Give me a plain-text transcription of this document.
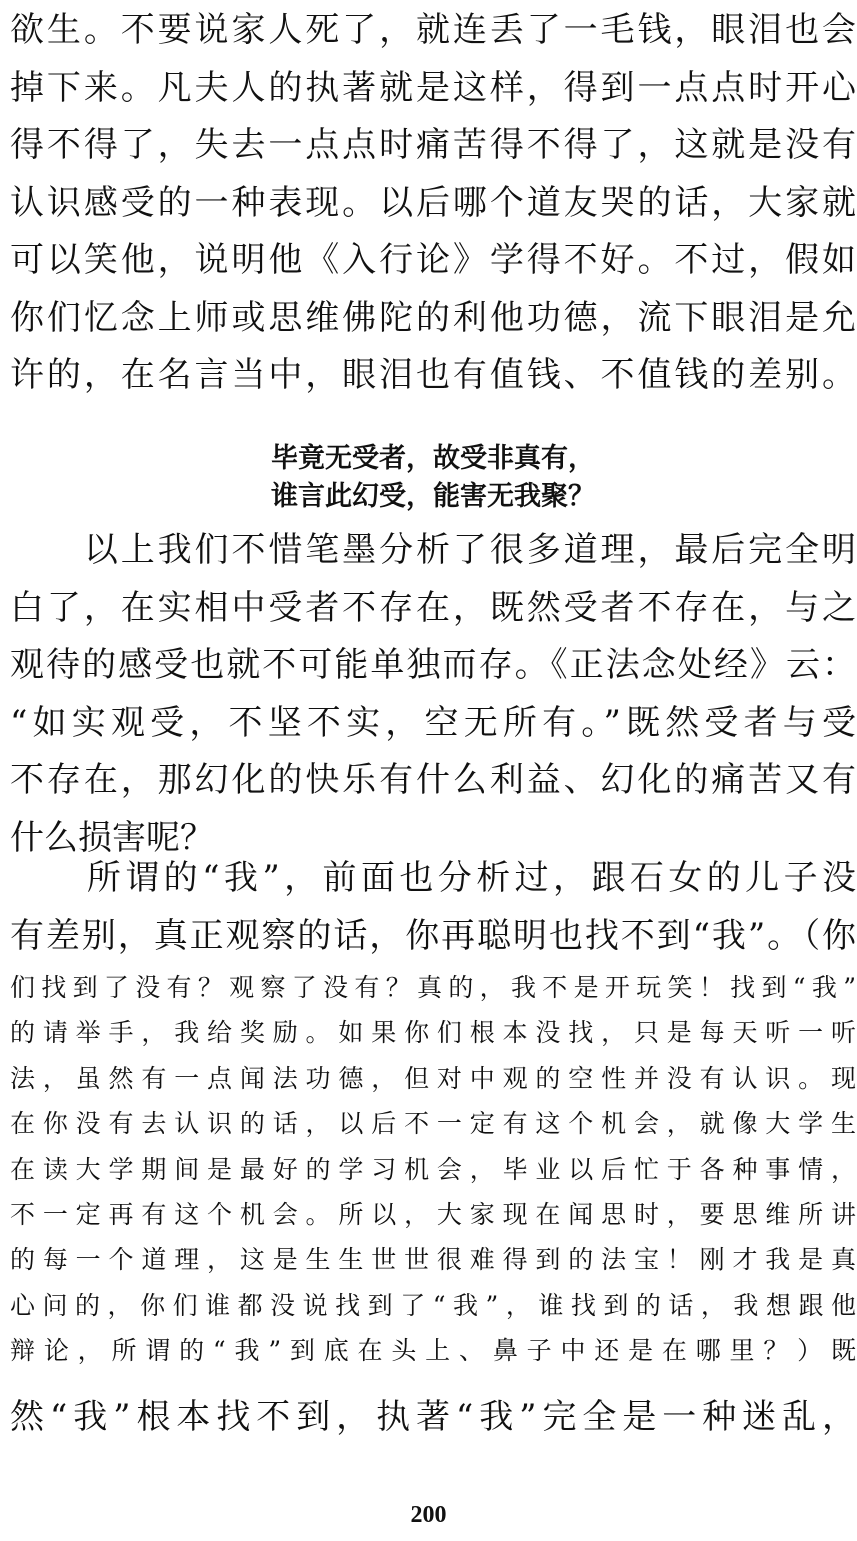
欲生。不要说家人死了，就连丢了一毛钱，眼泪也会
掉下来。凡夫人的执著就是这样，得到一点点时开心
得不得了，失去一点点时痛苦得不得了，这就是没有
认识感受的一种表现。以后哪个道友哭的话，大家就
可以笑他，说明他《入行论》学得不好。不过，假如
你们忆念上师或思维佛陀的利他功德，流下眼泪是允
许的，在名言当中，眼泪也有值钱、不值钱的差别。
毕竟无受者，故受非真有，
谁言此幻受，能害无我聚？
　　以上我们不惜笔墨分析了很多道理，最后完全明
白了，在实相中受者不存在，既然受者不存在，与之
观待的感受也就不可能单独而存。《正法念处经》云：
“如实观受，不坚不实，空无所有。”既然受者与受
不存在，那幻化的快乐有什么利益、幻化的痛苦又有
什么损害呢？
　　所谓的“我”，前面也分析过，跟石女的儿子没
有差别，真正观察的话，你再聪明也找不到“我”。（你
们找到了没有？观察了没有？真的，我不是开玩笑！找到“我”
的请举手，我给奖励。如果你们根本没找，只是每天听一听
法，虽然有一点闻法功德，但对中观的空性并没有认识。现
在你没有去认识的话，以后不一定有这个机会，就像大学生
在读大学期间是最好的学习机会，毕业以后忙于各种事情，
不一定再有这个机会。所以，大家现在闻思时，要思维所讲
的每一个道理，这是生生世世很难得到的法宝！刚才我是真
心问的，你们谁都没说找到了“我”，谁找到的话，我想跟他
辩论，所谓的“我”到底在头上、鼻子中还是在哪里？）既
然“我”根本找不到，执著“我”完全是一种迷乱，
200
